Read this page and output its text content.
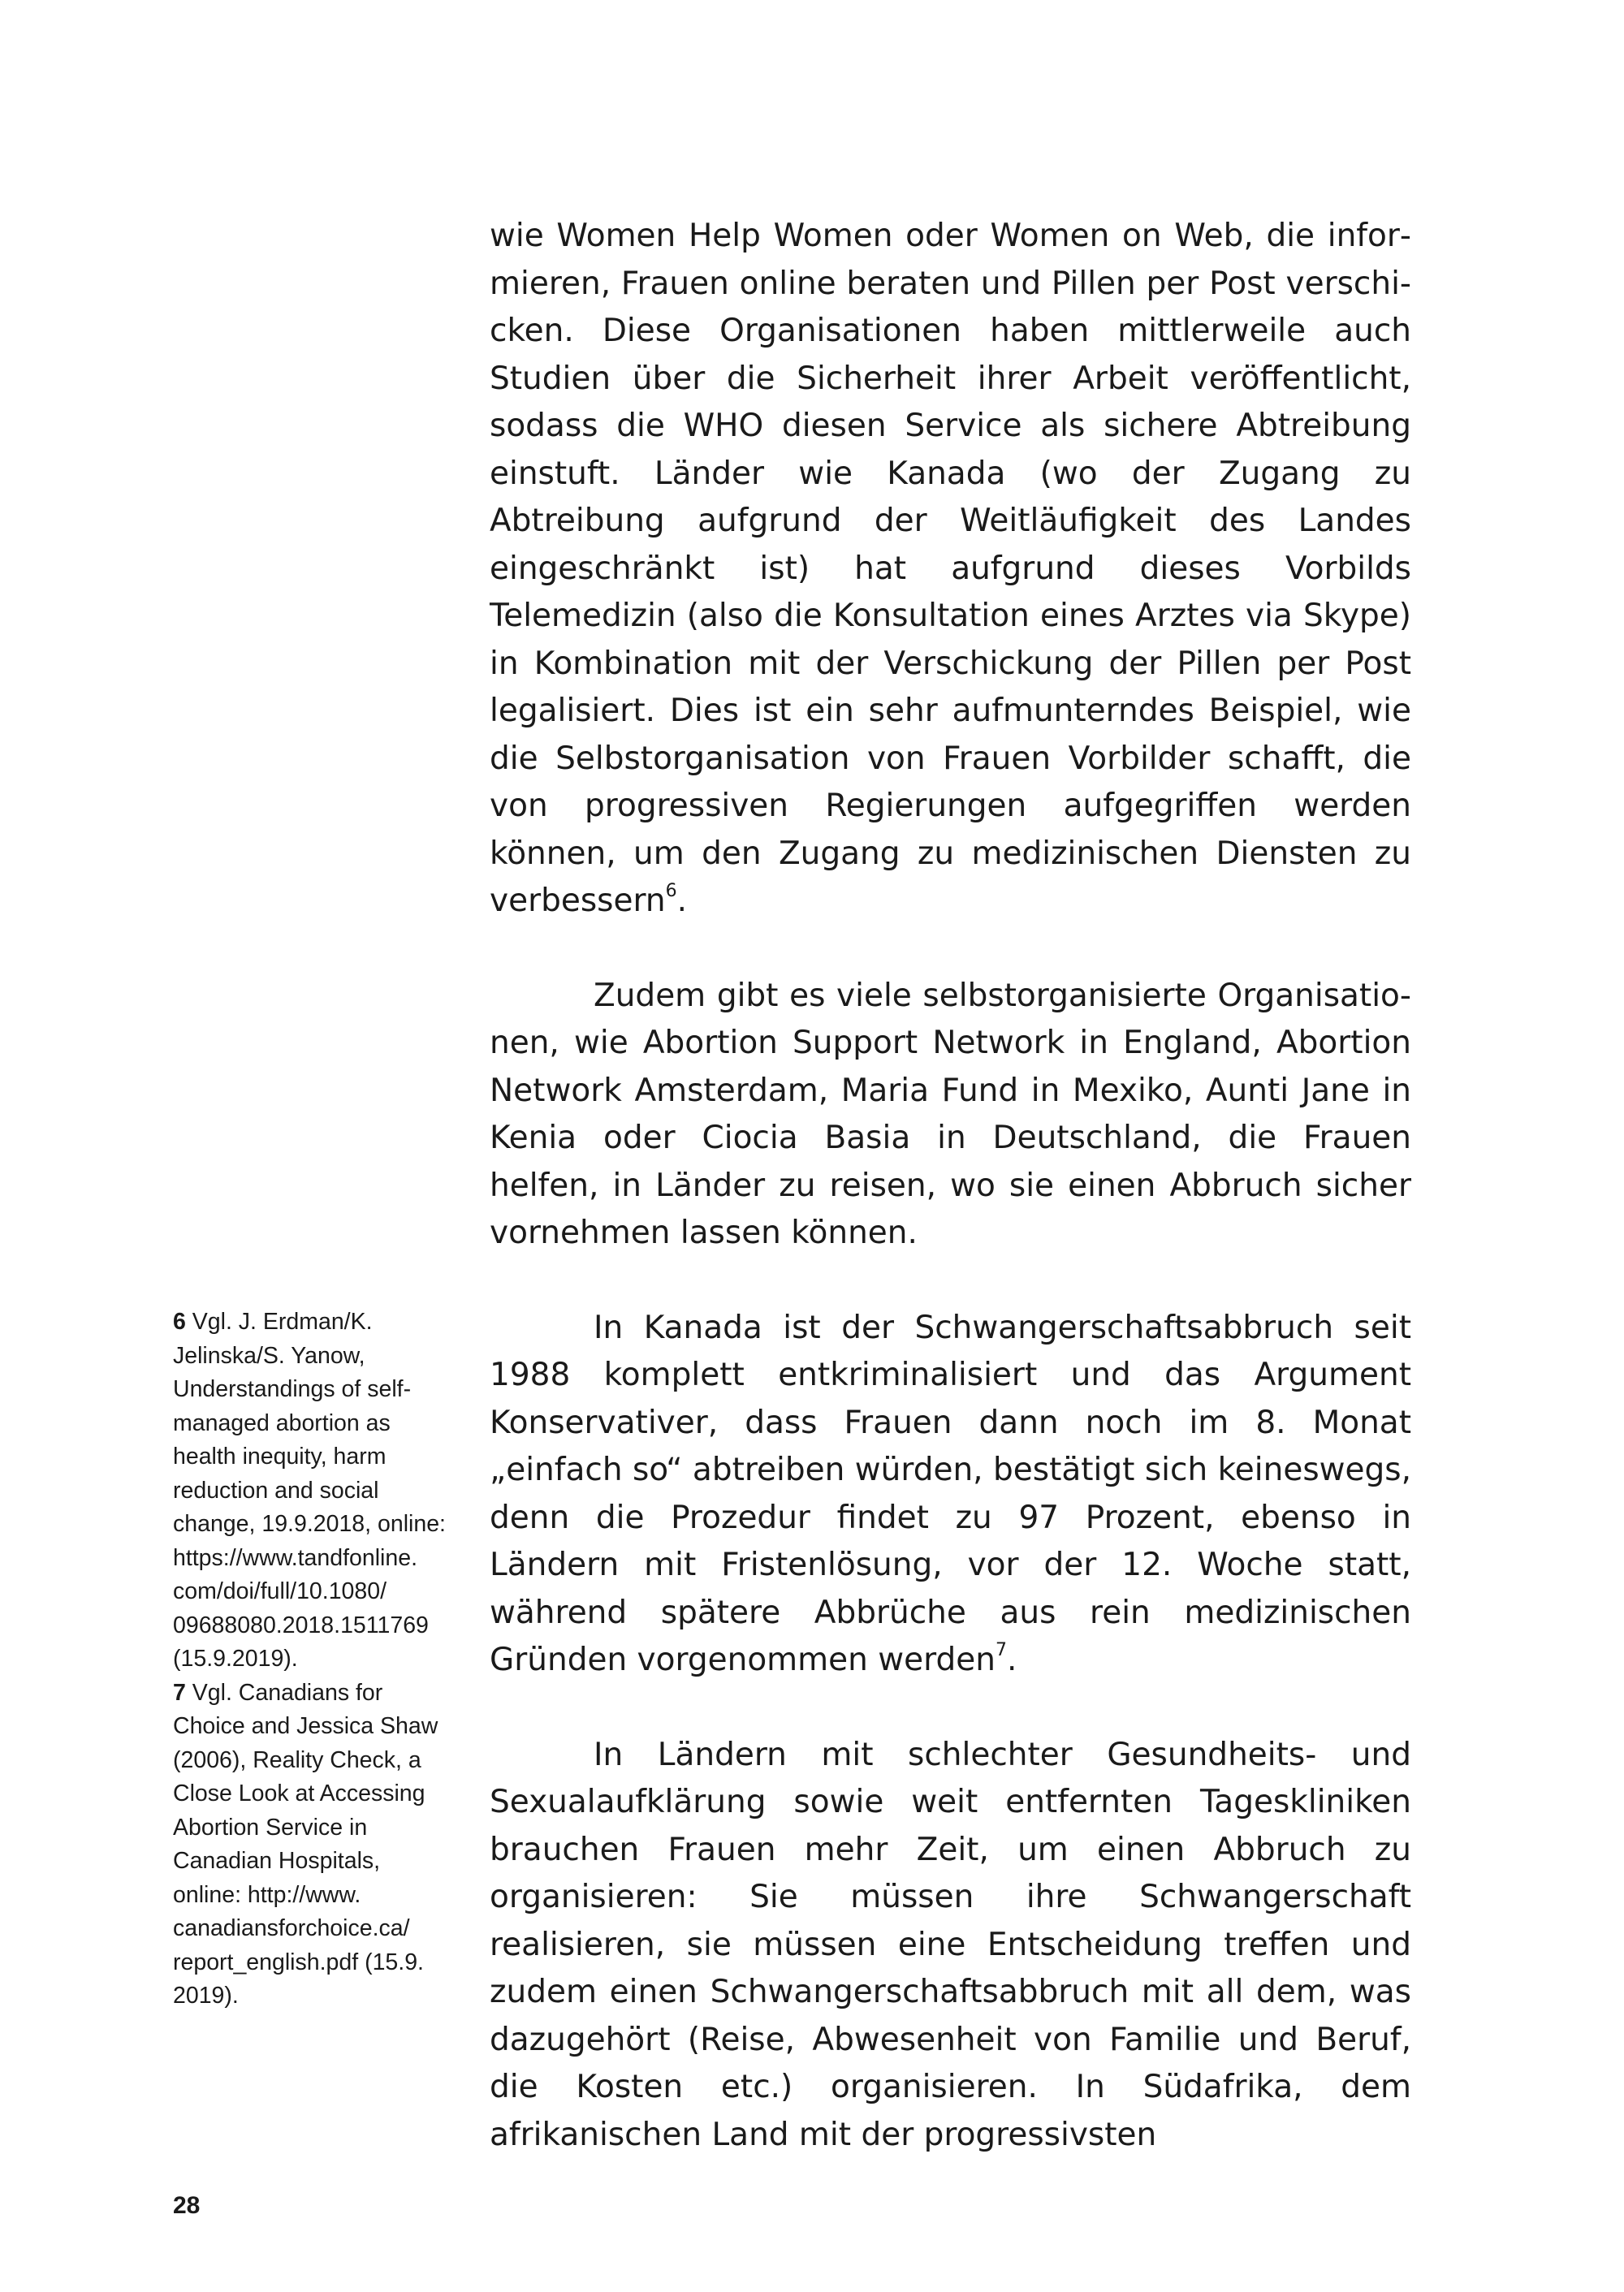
wie Women Help Women oder Women on Web, die informieren, Frauen online beraten und Pillen per Post verschicken. Diese Organisationen haben mittlerweile auch Studien über die Sicherheit ihrer Arbeit veröffentlicht, sodass die WHO diesen Service als sichere Abtreibung einstuft. Länder wie Kanada (wo der Zugang zu Abtreibung aufgrund der Weitläufigkeit des Landes eingeschränkt ist) hat aufgrund dieses Vorbilds Telemedizin (also die Konsultation eines Arztes via Skype) in Kombination mit der Verschickung der Pillen per Post legalisiert. Dies ist ein sehr aufmunterndes Beispiel, wie die Selbstorganisation von Frauen Vorbilder schafft, die von progressiven Regierungen aufgegriffen werden können, um den Zugang zu medizinischen Diensten zu verbessern$^6$.

Zudem gibt es viele selbstorganisierte Organisationen, wie Abortion Support Network in England, Abortion Network Amsterdam, Maria Fund in Mexiko, Aunti Jane in Kenia oder Ciocia Basia in Deutschland, die Frauen helfen, in Länder zu reisen, wo sie einen Abbruch sicher vornehmen lassen können.

In Kanada ist der Schwangerschaftsabbruch seit 1988 komplett entkriminalisiert und das Argument Konservativer, dass Frauen dann noch im 8. Monat „einfach so“ abtreiben würden, bestätigt sich keineswegs, denn die Prozedur findet zu 97 Prozent, ebenso in Ländern mit Fristenlösung, vor der 12. Woche statt, während spätere Abbrüche aus rein medizinischen Gründen vorgenommen werden$^7$.

In Ländern mit schlechter Gesundheits- und Sexualaufklärung sowie weit entfernten Tageskliniken brauchen Frauen mehr Zeit, um einen Abbruch zu organisieren: Sie müssen ihre Schwangerschaft realisieren, sie müssen eine Entscheidung treffen und zudem einen Schwangerschaftsabbruch mit all dem, was dazugehört (Reise, Abwesenheit von Familie und Beruf, die Kosten etc.) organisieren. In Südafrika, dem afrikanischen Land mit der progressivsten

6 Vgl. J. Erdman/K. Jelinska/S. Yanow, Understandings of self-managed abortion as health inequity, harm reduction and social change, 19.9.2018, online: https://www.tandfonline.com/doi/full/10.1080/09688080.2018.1511769 (15.9.2019).

7 Vgl. Canadians for Choice and Jessica Shaw (2006), Reality Check, a Close Look at Accessing Abortion Service in Canadian Hospitals, online: http://www.canadiansforchoice.ca/report_english.pdf (15.9.2019).

28
